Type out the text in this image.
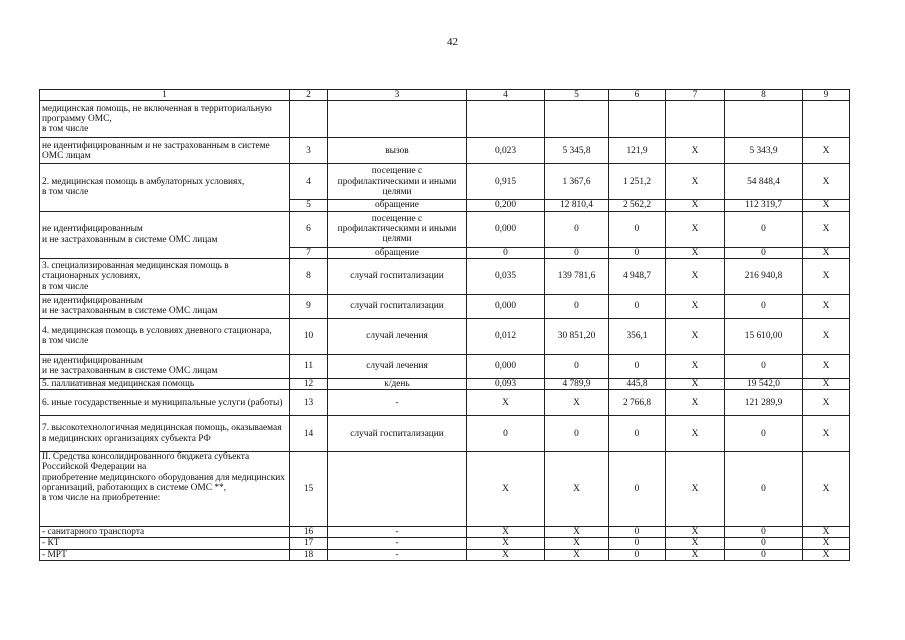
42
1	2	3	4	5	6	7	8	9	
медицинская помощь, не включенная в территориальную программу ОМС,
в том числе									
не идентифицированным и не застрахованным в системе ОМС лицам	3	вызов	0,023	5 345,8	121,9	X	5 343,9	X	
2. медицинская помощь в амбулаторных условиях,
в том числе	4	посещение с профилактическими и иными целями	0,915	1 367,6	1 251,2	X	54 848,4	X	
	5	обращение	0,200	12 810,4	2 562,2	X	112 319,7	X	
не идентифицированным
и не застрахованным в системе ОМС лицам	6	посещение с профилактическими и иными целями	0,000	0	0	X	0	X	
	7	обращение	0	0	0	X	0	X	
3. специализированная медицинская помощь в стационарных условиях,
в том числе	8	случай госпитализации	0,035	139 781,6	4 948,7	X	216 940,8	X	
не идентифицированным
и не застрахованным в системе ОМС лицам	9	случай госпитализации	0,000	0	0	X	0	X	
4. медицинская помощь в условиях дневного стационара,
в том числе	10	случай лечения	0,012	30 851,20	356,1	X	15 610,00	X	
не идентифицированным
и не застрахованным в системе ОМС лицам	11	случай лечения	0,000	0	0	X	0	X	
5. паллиативная медицинская помощь	12	к/день	0,093	4 789,9	445,8	X	19 542,0	X	
6. иные государственные и муниципальные услуги (работы)	13	-	X	X	2 766,8	X	121 289,9	X	
7. высокотехнологичная медицинская помощь, оказываемая в медицинских организациях субъекта РФ	14	случай госпитализации	0	0	0	X	0	X	
II. Средства консолидированного бюджета субъекта Российской Федерации на
приобретение медицинского оборудования для медицинских организаций, работающих в системе ОМС **,
в том числе на приобретение:	15		X	X	0	X	0	X	
- санитарного транспорта	16	-	X	X	0	X	0	X	
- КТ	17	-	X	X	0	X	0	X	
- МРТ	18	-	X	X	0	X	0	X	
